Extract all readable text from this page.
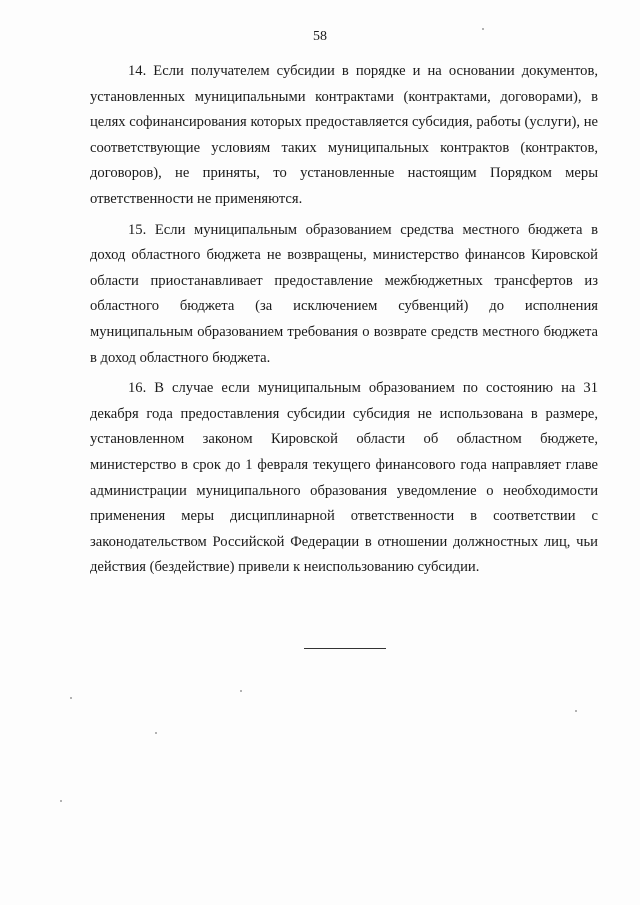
58

14. Если получателем субсидии в порядке и на основании документов, установленных муниципальными контрактами (контрактами, договорами), в целях софинансирования которых предоставляется субсидия, работы (услуги), не соответствующие условиям таких муниципальных контрактов (контрактов, договоров), не приняты, то установленные настоящим Порядком меры ответственности не применяются.

15. Если муниципальным образованием средства местного бюджета в доход областного бюджета не возвращены, министерство финансов Кировской области приостанавливает предоставление межбюджетных трансфертов из областного бюджета (за исключением субвенций) до исполнения муниципальным образованием требования о возврате средств местного бюджета в доход областного бюджета.

16. В случае если муниципальным образованием по состоянию на 31 декабря года предоставления субсидии субсидия не использована в размере, установленном законом Кировской области об областном бюджете, министерство в срок до 1 февраля текущего финансового года направляет главе администрации муниципального образования уведомление о необходимости применения меры дисциплинарной ответственности в соответствии с законодательством Российской Федерации в отношении должностных лиц, чьи действия (бездействие) привели к неиспользованию субсидии.
